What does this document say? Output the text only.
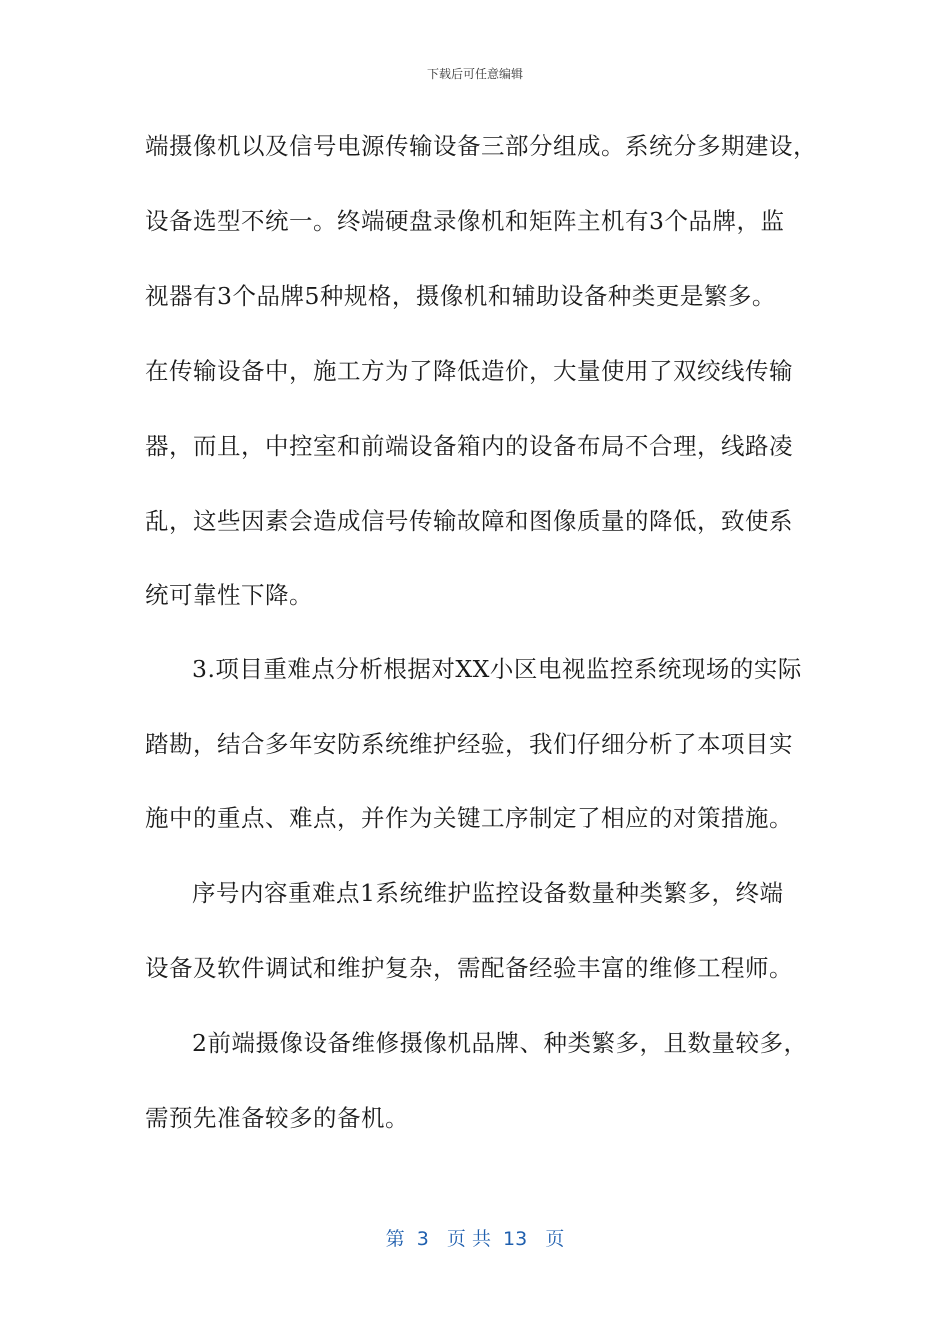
下载后可任意编辑
端摄像机以及信号电源传输设备三部分组成。系统分多期建设，
设备选型不统一。终端硬盘录像机和矩阵主机有3个品牌，监
视器有3个品牌5种规格，摄像机和辅助设备种类更是繁多。
在传输设备中，施工方为了降低造价，大量使用了双绞线传输
器，而且，中控室和前端设备箱内的设备布局不合理，线路凌
乱，这些因素会造成信号传输故障和图像质量的降低，致使系
统可靠性下降。
3.项目重难点分析根据对XX小区电视监控系统现场的实际
踏勘，结合多年安防系统维护经验，我们仔细分析了本项目实
施中的重点、难点，并作为关键工序制定了相应的对策措施。
序号内容重难点1系统维护监控设备数量种类繁多，终端
设备及软件调试和维护复杂，需配备经验丰富的维修工程师。
2前端摄像设备维修摄像机品牌、种类繁多，且数量较多，
需预先准备较多的备机。
第  3   页 共  13   页
